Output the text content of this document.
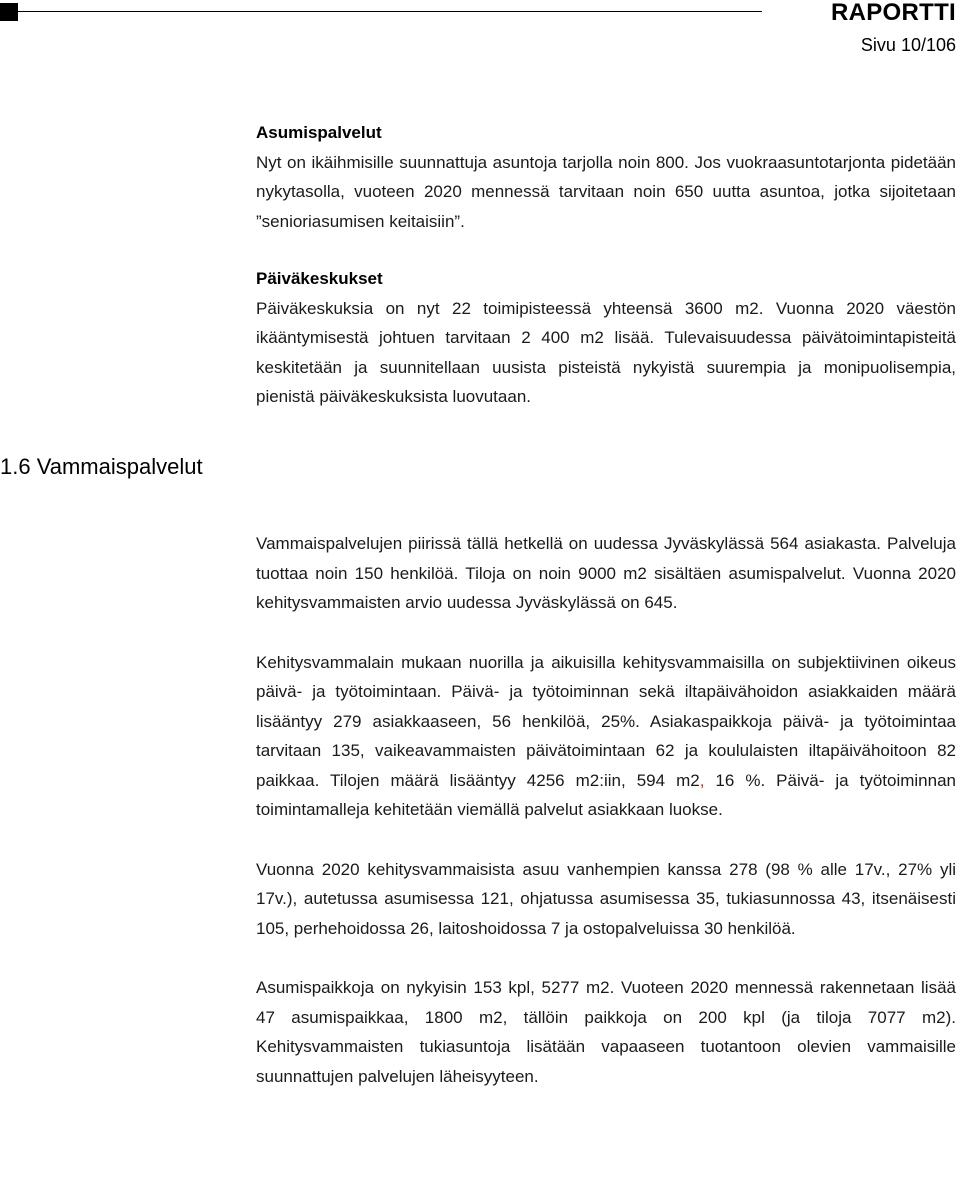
RAPORTTI
Sivu 10/106
Asumispalvelut

Nyt on ikäihmisille suunnattuja asuntoja tarjolla noin 800. Jos vuokraasuntotarjonta pidetään nykytasolla, vuoteen 2020 mennessä tarvitaan noin 650 uutta asuntoa, jotka sijoitetaan ”senioriasumisen keitaisiin”.

Päiväkeskukset

Päiväkeskuksia on nyt 22 toimipisteessä yhteensä 3600 m2. Vuonna 2020 väestön ikääntymisestä johtuen tarvitaan 2 400 m2 lisää. Tulevaisuudessa päivätoimintapisteitä keskitetään ja suunnitellaan uusista pisteistä nykyistä suurempia ja monipuolisempia, pienistä päiväkeskuksista luovutaan.

1.6 Vammaispalvelut

Vammaispalvelujen piirissä tällä hetkellä on uudessa Jyväskylässä 564 asiakasta. Palveluja tuottaa noin 150 henkilöä. Tiloja on noin 9000 m2 sisältäen asumispalvelut. Vuonna 2020 kehitysvammaisten arvio uudessa Jyväskylässä on 645.

Kehitysvammalain mukaan nuorilla ja aikuisilla kehitysvammaisilla on subjektiivinen oikeus päivä- ja työtoimintaan. Päivä- ja työtoiminnan sekä iltapäivähoidon asiakkaiden määrä lisääntyy 279 asiakkaaseen, 56 henkilöä, 25%. Asiakaspaikkoja päivä- ja työtoimintaa tarvitaan 135, vaikeavammaisten päivätoimintaan 62 ja koululaisten iltapäivähoitoon 82 paikkaa. Tilojen määrä lisääntyy 4256 m2:iin, 594 m2, 16 %. Päivä- ja työtoiminnan toimintamalleja kehitetään viemällä palvelut asiakkaan luokse.

Vuonna 2020 kehitysvammaisista asuu vanhempien kanssa 278 (98 % alle 17v., 27% yli 17v.), autetussa asumisessa 121, ohjatussa asumisessa 35, tukiasunnossa 43, itsenäisesti 105, perhehoidossa 26, laitoshoidossa 7 ja ostopalveluissa 30 henkilöä.

Asumispaikkoja on nykyisin 153 kpl, 5277 m2. Vuoteen 2020 mennessä rakennetaan lisää 47 asumispaikkaa, 1800 m2, tällöin paikkoja on 200 kpl (ja tiloja 7077 m2). Kehitysvammaisten tukiasuntoja lisätään vapaaseen tuotantoon olevien vammaisille suunnattujen palvelujen läheisyyteen.
